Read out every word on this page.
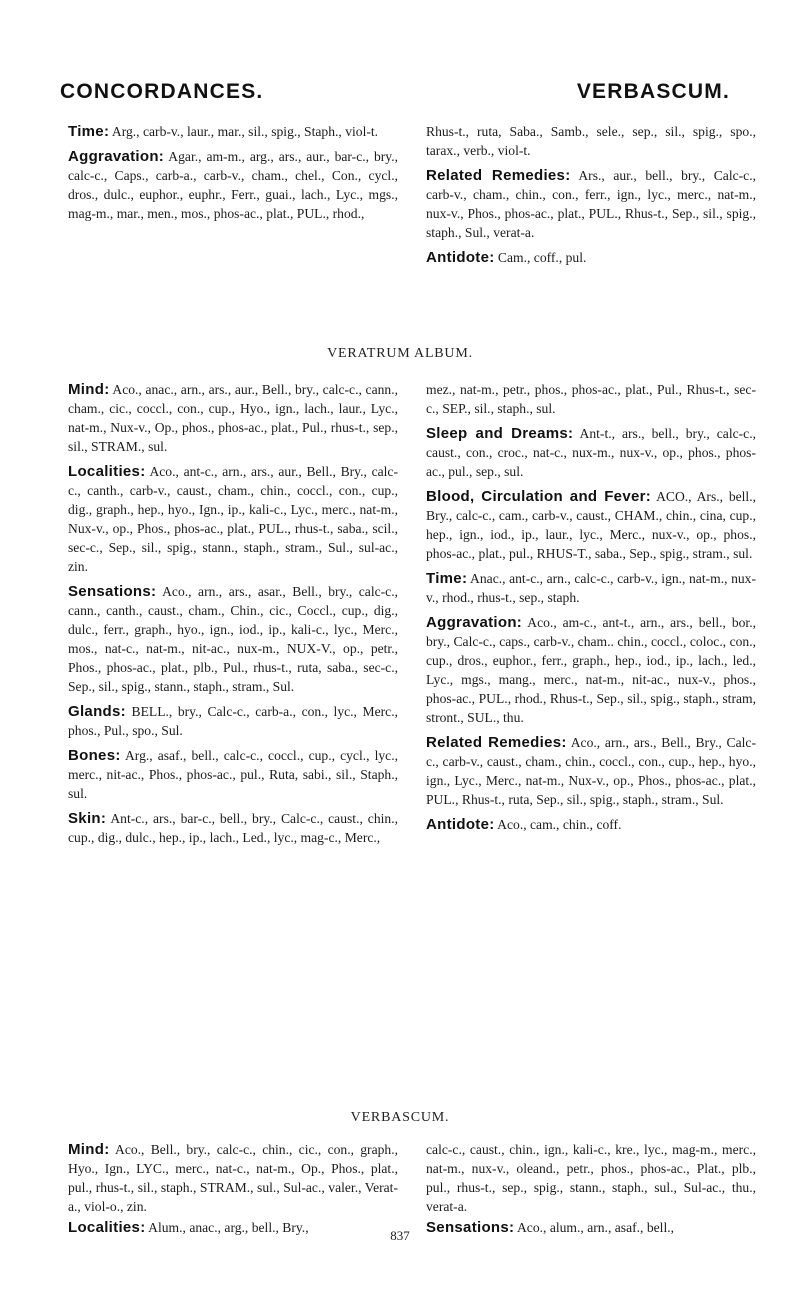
CONCORDANCES.	VERBASCUM.

Time: Arg., carb-v., laur., mar., sil., spig., Staph., viol-t.

Aggravation: Agar., am-m., arg., ars., aur., bar-c., bry., calc-c., Caps., carb-a., carb-v., cham., chel., Con., cycl., dros., dulc., euphor., euphr., Ferr., guai., lach., Lyc., mgs., mag-m., mar., men., mos., phos-ac., plat., PUL., rhod.,

Rhus-t., ruta, Saba., Samb., sele., sep., sil., spig., spo., tarax., verb., viol-t.

Related Remedies: Ars., aur., bell., bry., Calc-c., carb-v., cham., chin., con., ferr., ign., lyc., merc., nat-m., nux-v., Phos., phos-ac., plat., PUL., Rhus-t., Sep., sil., spig., staph., Sul., verat-a.

Antidote: Cam., coff., pul.

VERATRUM ALBUM.

Mind: Aco., anac., arn., ars., aur., Bell., bry., calc-c., cann., cham., cic., coccl., con., cup., Hyo., ign., lach., laur., Lyc., nat-m., Nux-v., Op., phos., phos-ac., plat., Pul., rhus-t., sep., sil., STRAM., sul.

Localities: Aco., ant-c., arn., ars., aur., Bell., Bry., calc-c., canth., carb-v., caust., cham., chin., coccl., con., cup., dig., graph., hep., hyo., Ign., ip., kali-c., Lyc., merc., nat-m., Nux-v., op., Phos., phos-ac., plat., PUL., rhus-t., saba., scil., sec-c., Sep., sil., spig., stann., staph., stram., Sul., sul-ac., zin.

Sensations: Aco., arn., ars., asar., Bell., bry., calc-c., cann., canth., caust., cham., Chin., cic., Coccl., cup., dig., dulc., ferr., graph., hyo., ign., iod., ip., kali-c., lyc., Merc., mos., nat-c., nat-m., nit-ac., nux-m., NUX-V., op., petr., Phos., phos-ac., plat., plb., Pul., rhus-t., ruta, saba., sec-c., Sep., sil., spig., stann., staph., stram., Sul.

Glands: BELL., bry., Calc-c., carb-a., con., lyc., Merc., phos., Pul., spo., Sul.

Bones: Arg., asaf., bell., calc-c., coccl., cup., cycl., lyc., merc., nit-ac., Phos., phos-ac., pul., Ruta, sabi., sil., Staph., sul.

Skin: Ant-c., ars., bar-c., bell., bry., Calc-c., caust., chin., cup., dig., dulc., hep., ip., lach., Led., lyc., mag-c., Merc.,

mez., nat-m., petr., phos., phos-ac., plat., Pul., Rhus-t., sec-c., SEP., sil., staph., sul.

Sleep and Dreams: Ant-t., ars., bell., bry., calc-c., caust., con., croc., nat-c., nux-m., nux-v., op., phos., phos-ac., pul., sep., sul.

Blood, Circulation and Fever: ACO., Ars., bell., Bry., calc-c., cam., carb-v., caust., CHAM., chin., cina, cup., hep., ign., iod., ip., laur., lyc., Merc., nux-v., op., phos., phos-ac., plat., pul., RHUS-T., saba., Sep., spig., stram., sul.

Time: Anac., ant-c., arn., calc-c., carb-v., ign., nat-m., nux-v., rhod., rhus-t., sep., staph.

Aggravation: Aco., am-c., ant-t., arn., ars., bell., bor., bry., Calc-c., caps., carb-v., cham.. chin., coccl., coloc., con., cup., dros., euphor., ferr., graph., hep., iod., ip., lach., led., Lyc., mgs., mang., merc., nat-m., nit-ac., nux-v., phos., phos-ac., PUL., rhod., Rhus-t., Sep., sil., spig., staph., stram, stront., SUL., thu.

Related Remedies: Aco., arn., ars., Bell., Bry., Calc-c., carb-v., caust., cham., chin., coccl., con., cup., hep., hyo., ign., Lyc., Merc., nat-m., Nux-v., op., Phos., phos-ac., plat., PUL., Rhus-t., ruta, Sep., sil., spig., staph., stram., Sul.

Antidote: Aco., cam., chin., coff.

VERBASCUM.

Mind: Aco., Bell., bry., calc-c., chin., cic., con., graph., Hyo., Ign., LYC., merc., nat-c., nat-m., Op., Phos., plat., pul., rhus-t., sil., staph., STRAM., sul., Sul-ac., valer., Verat-a., viol-o., zin.

Localities: Alum., anac., arg., bell., Bry.,

calc-c., caust., chin., ign., kali-c., kre., lyc., mag-m., merc., nat-m., nux-v., oleand., petr., phos., phos-ac., Plat., plb., pul., rhus-t., sep., spig., stann., staph., sul., Sul-ac., thu., verat-a.

Sensations: Aco., alum., arn., asaf., bell.,

837
